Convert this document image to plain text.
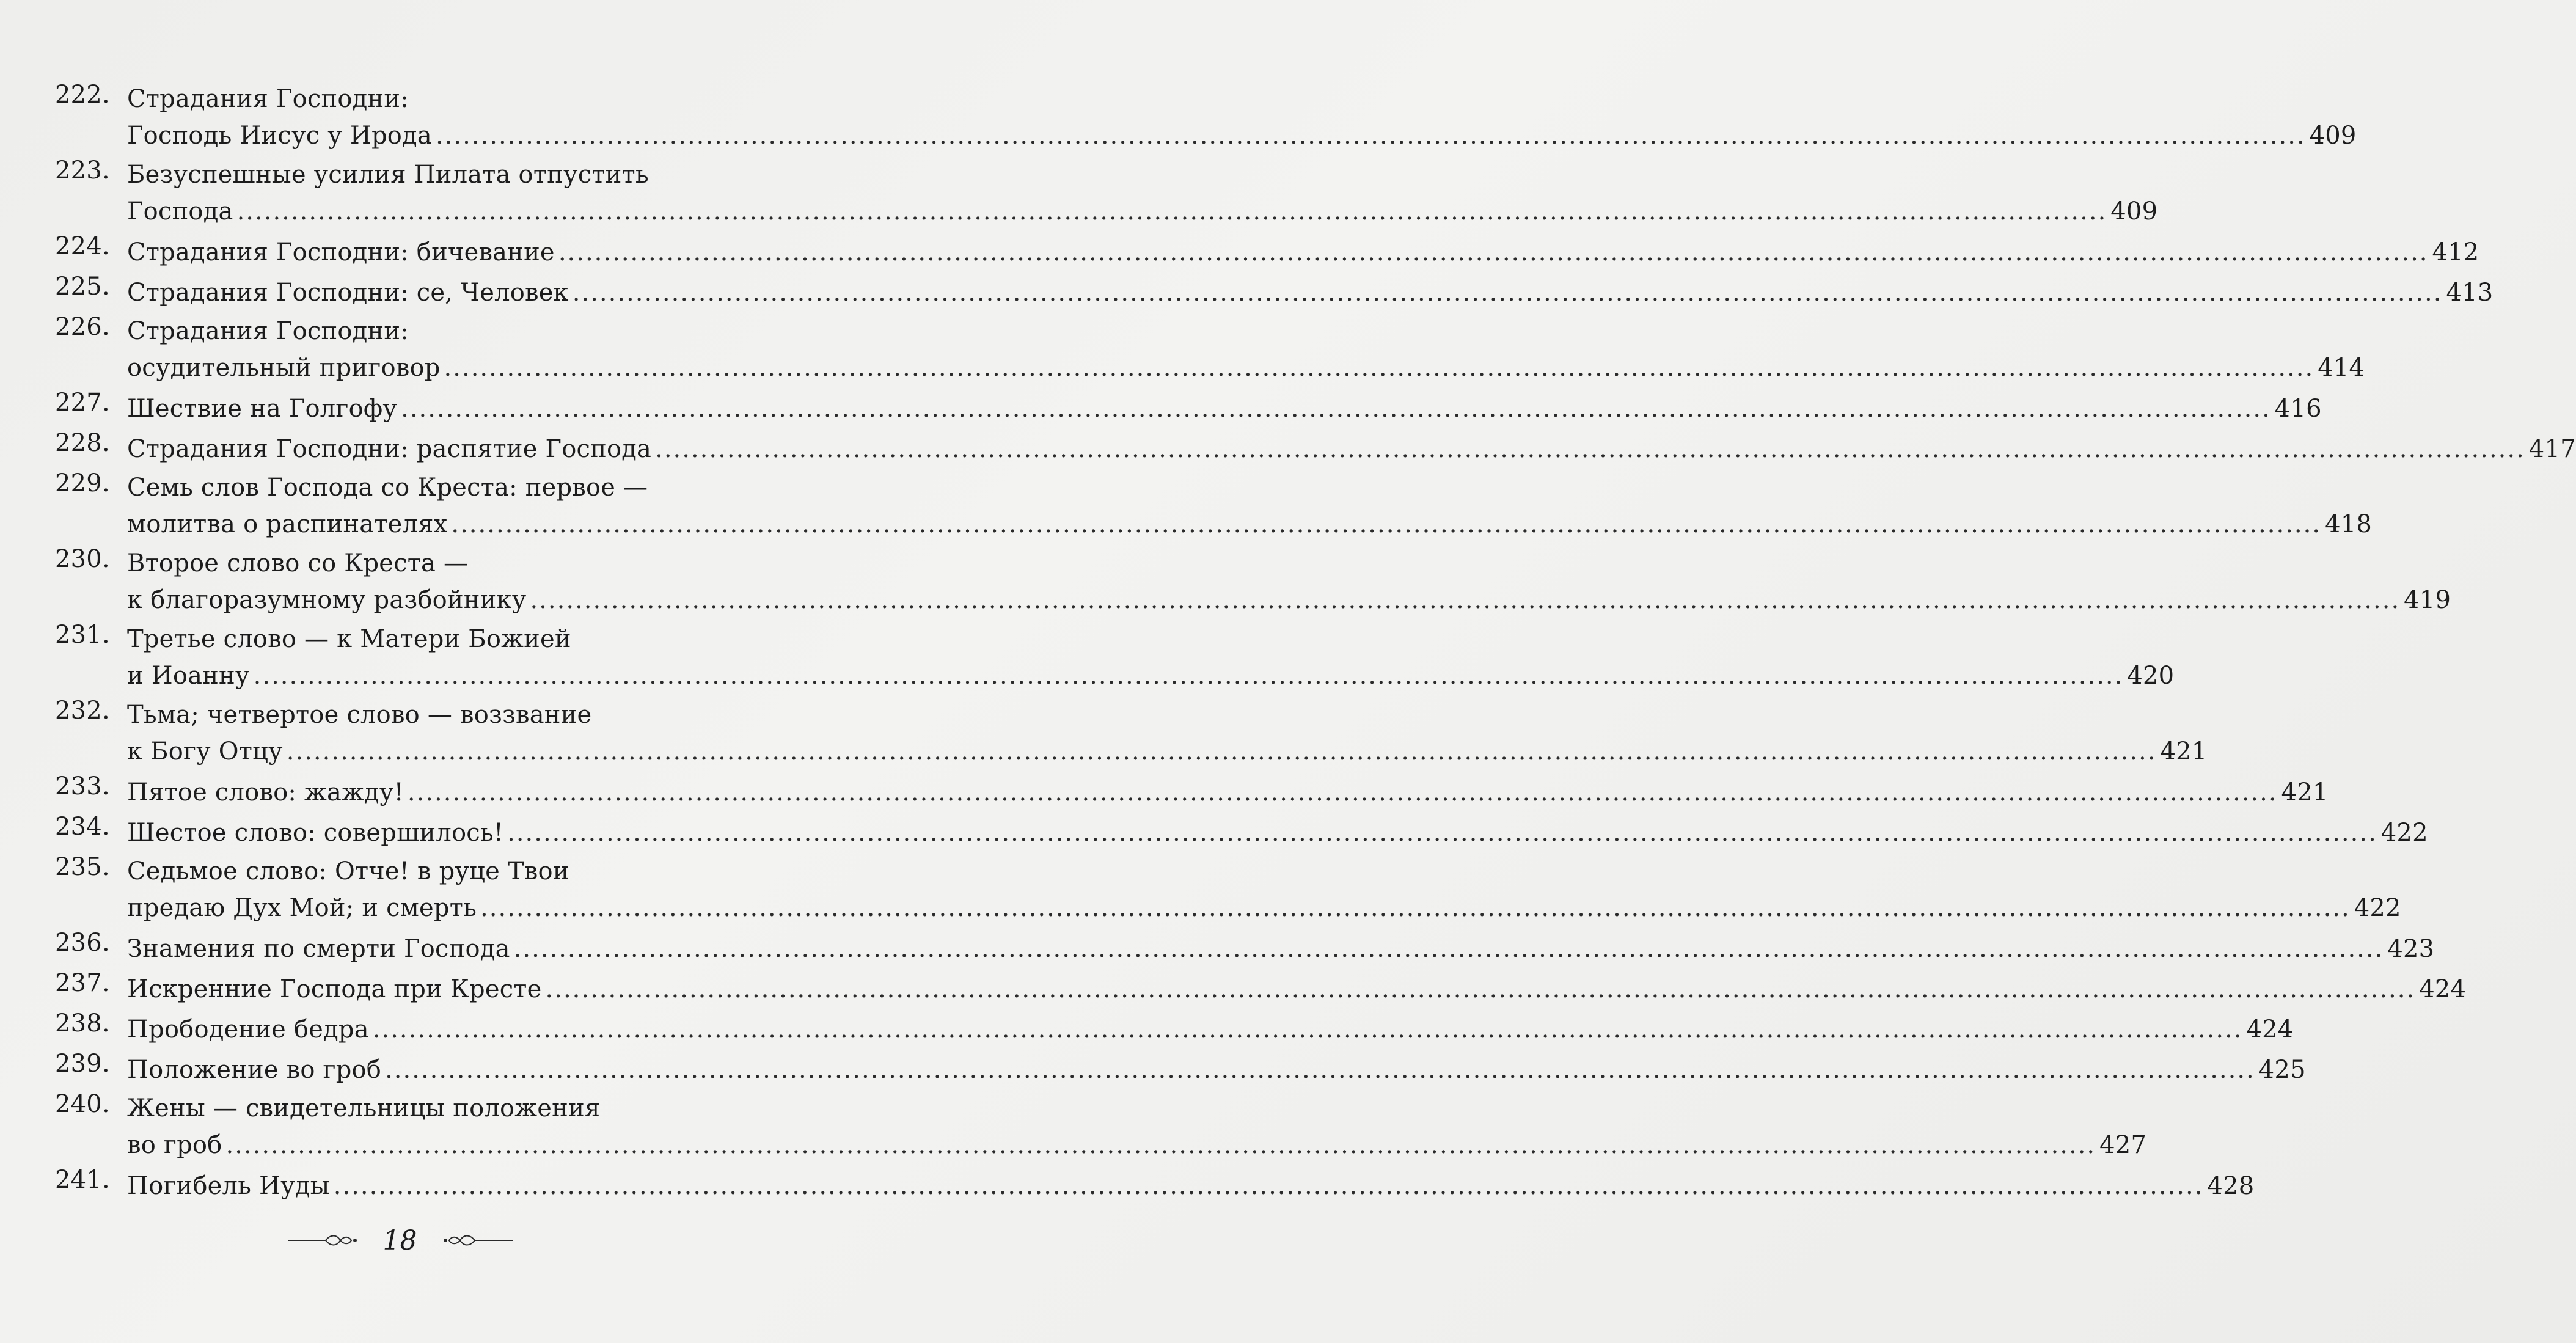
222. Страдания Господни:
Господь Иисус у Ирода .....	409
223. Безуспешные усилия Пилата отпустить
Господа .....	409
224. Страдания Господни: бичевание .....	412
225. Страдания Господни: се, Человек .....	413
226. Страдания Господни:
осудительный приговор .....	414
227. Шествие на Голгофу .....	416
228. Страдания Господни: распятие Господа .....	417
229. Семь слов Господа со Креста: первое —
молитва о распинателях .....	418
230. Второе слово со Креста —
к благоразумному разбойнику .....	419
231. Третье слово — к Матери Божией
и Иоанну .....	420
232. Тьма; четвертое слово — воззвание
к Богу Отцу .....	421
233. Пятое слово: жажду! .....	421
234. Шестое слово: совершилось! .....	422
235. Седьмое слово: Отче! в руце Твои
предаю Дух Мой; и смерть .....	422
236. Знамения по смерти Господа .....	423
237. Искренние Господа при Кресте .....	424
238. Прободение бедра .....	424
239. Положение во гроб .....	425
240. Жены — свидетельницы положения
во гроб .....	427
241. Погибель Иуды .....	428
18
